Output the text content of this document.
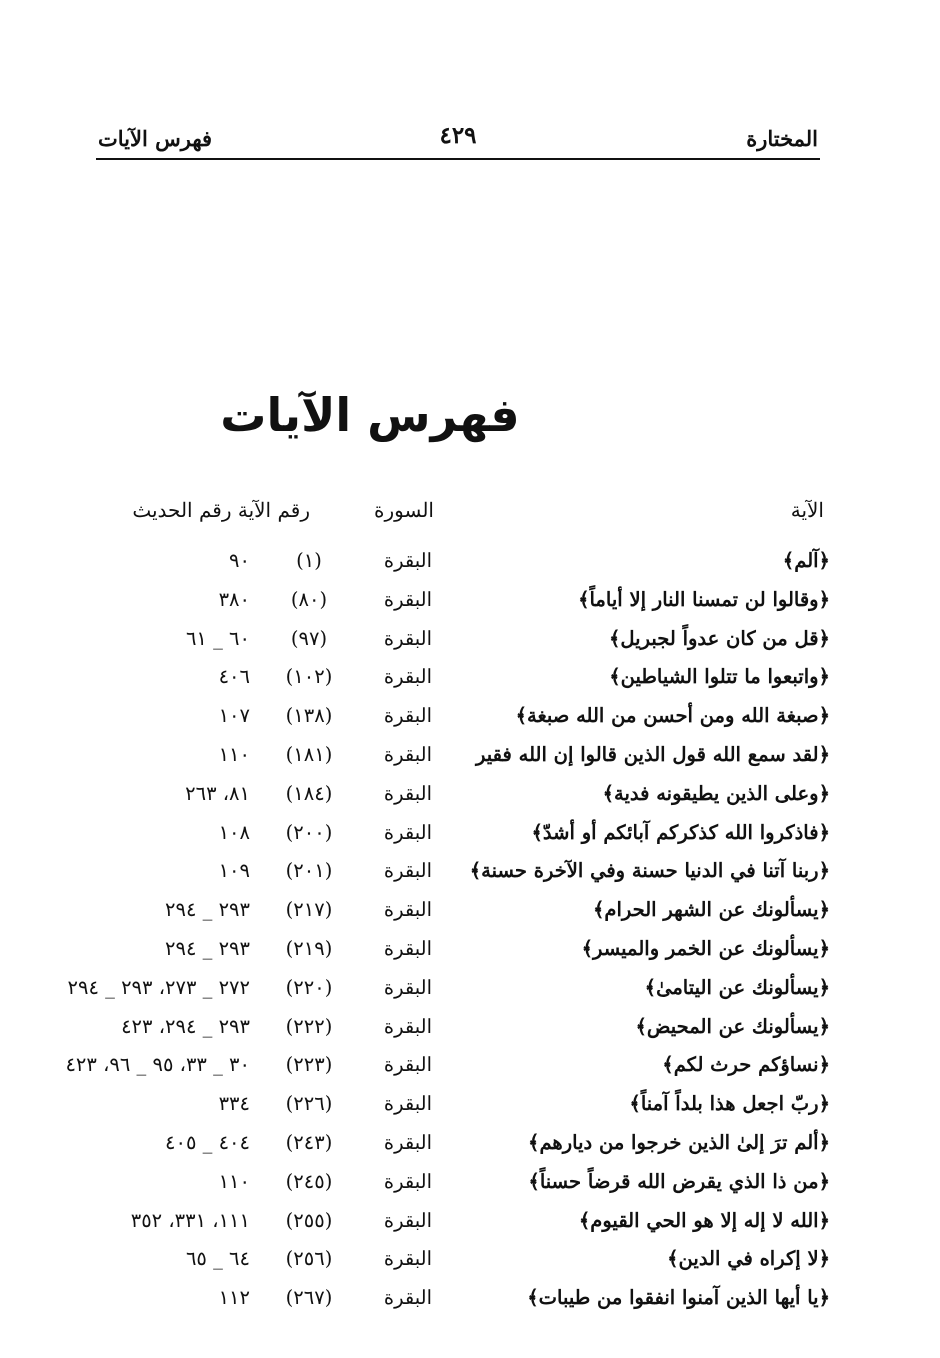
المختارة
٤٢٩
فهرس الآيات
فهرس الآيات
الآية
السورة
رقم الآية رقم الحديث
﴿آلم﴾
البقرة
(١)
٩٠
﴿وقالوا لن تمسنا النار إلا أياماً﴾
البقرة
(٨٠)
٣٨٠
﴿قل من كان عدواً لجبريل﴾
البقرة
(٩٧)
٦٠ _ ٦١
﴿واتبعوا ما تتلوا الشياطين﴾
البقرة
(١٠٢)
٤٠٦
﴿صبغة الله ومن أحسن من الله صبغة﴾
البقرة
(١٣٨)
١٠٧
﴿لقد سمع الله قول الذين قالوا إن الله فقير
البقرة
(١٨١)
١١٠
﴿وعلى الذين يطيقونه فدية﴾
البقرة
(١٨٤)
٨١، ٢٦٣
﴿فاذكروا الله كذكركم آبائكم أو أشدّ﴾
البقرة
(٢٠٠)
١٠٨
﴿ربنا آتنا في الدنيا حسنة وفي الآخرة حسنة﴾
البقرة
(٢٠١)
١٠٩
﴿يسألونك عن الشهر الحرام﴾
البقرة
(٢١٧)
٢٩٣ _ ٢٩٤
﴿يسألونك عن الخمر والميسر﴾
البقرة
(٢١٩)
٢٩٣ _ ٢٩٤
﴿يسألونك عن اليتامىٰ﴾
البقرة
(٢٢٠)
٢٧٢ _ ٢٧٣، ٢٩٣ _ ٢٩٤
﴿يسألونك عن المحيض﴾
البقرة
(٢٢٢)
٢٩٣ _ ٢٩٤، ٤٢٣
﴿نساؤكم حرث لكم﴾
البقرة
(٢٢٣)
٣٠ _ ٣٣، ٩٥ _ ٩٦، ٤٢٣
﴿ربّ اجعل هذا بلداً آمناً﴾
البقرة
(٢٢٦)
٣٣٤
﴿ألم ترَ إلىٰ الذين خرجوا من ديارهم﴾
البقرة
(٢٤٣)
٤٠٤ _ ٤٠٥
﴿من ذا الذي يقرض الله قرضاً حسناً﴾
البقرة
(٢٤٥)
١١٠
﴿الله لا إله إلا هو الحي القيوم﴾
البقرة
(٢٥٥)
١١١، ٣٣١، ٣٥٢
﴿لا إكراه في الدين﴾
البقرة
(٢٥٦)
٦٤ _ ٦٥
﴿يا أيها الذين آمنوا انفقوا من طيبات﴾
البقرة
(٢٦٧)
١١٢
